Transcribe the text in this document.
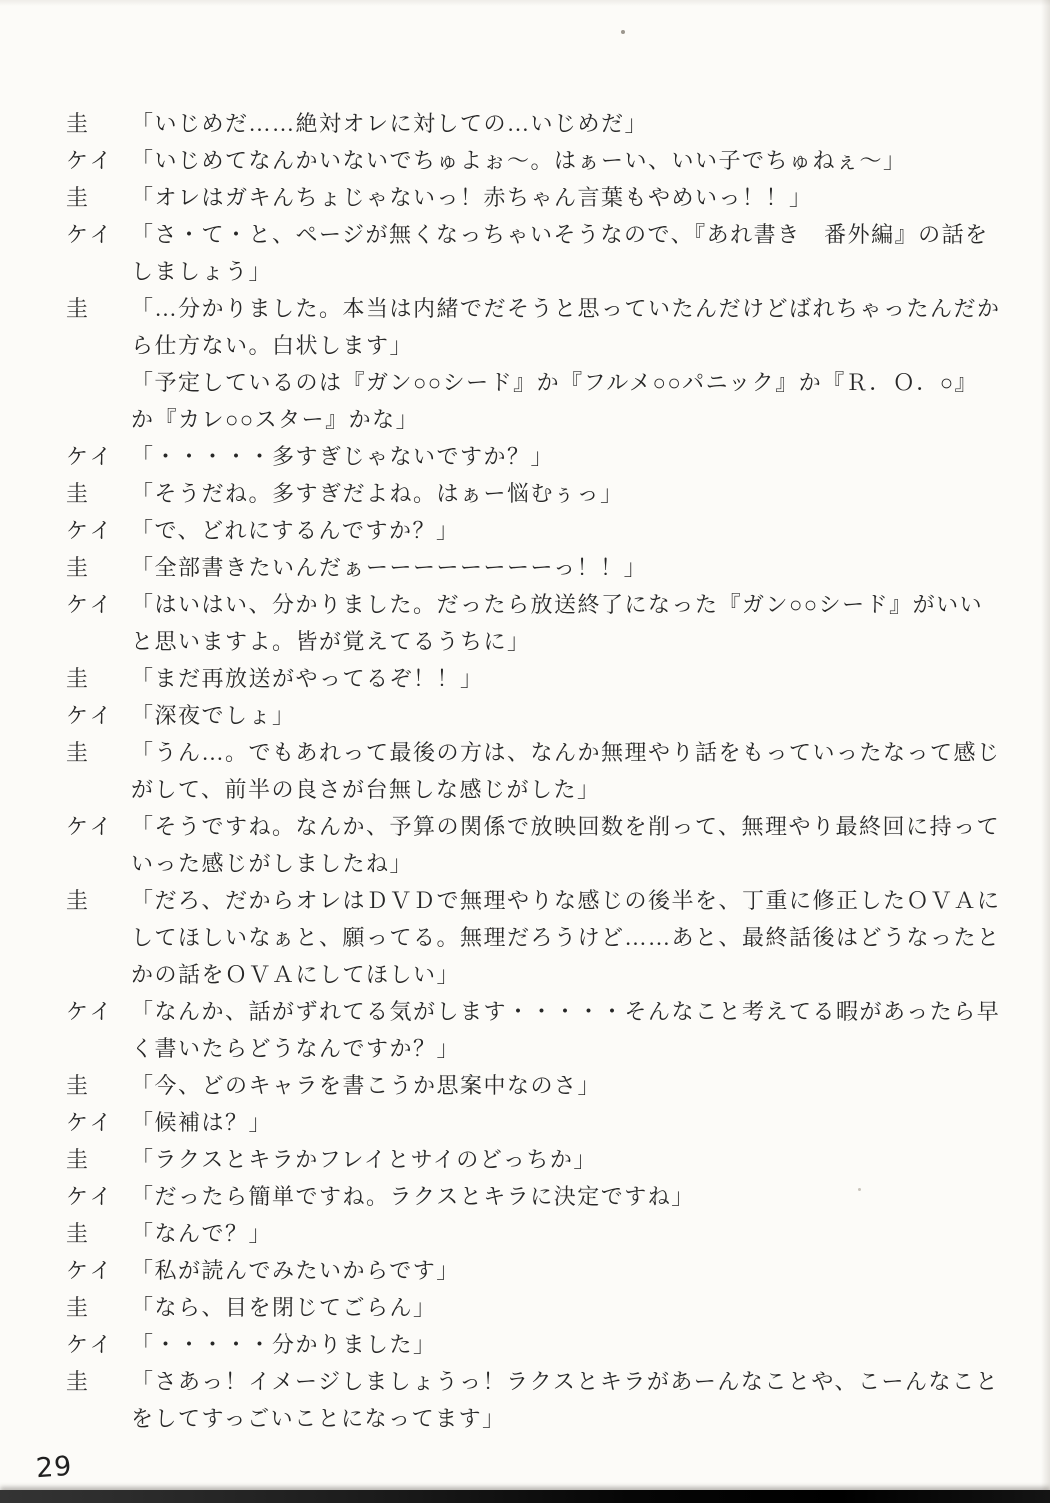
圭 「いじめだ……絶対オレに対しての…いじめだ」
ケイ 「いじめてなんかいないでちゅよぉ～。はぁーい、いい子でちゅねぇ～」
圭 「オレはガキんちょじゃないっ！赤ちゃん言葉もやめいっ！！」
ケイ 「さ・て・と、ページが無くなっちゃいそうなので、『あれ書き　番外編』の話を
しましょう」
圭 「…分かりました。本当は内緒でだそうと思っていたんだけどばれちゃったんだか
ら仕方ない。白状します」
「予定しているのは『ガン○○シード』か『フルメ○○パニック』か『Ｒ．Ｏ．○』
か『カレ○○スター』かな」
ケイ 「・・・・・多すぎじゃないですか？」
圭 「そうだね。多すぎだよね。はぁー悩むぅっ」
ケイ 「で、どれにするんですか？」
圭 「全部書きたいんだぁーーーーーーーーっ！！」
ケイ 「はいはい、分かりました。だったら放送終了になった『ガン○○シード』がいい
と思いますよ。皆が覚えてるうちに」
圭 「まだ再放送がやってるぞ！！」
ケイ 「深夜でしょ」
圭 「うん…。でもあれって最後の方は、なんか無理やり話をもっていったなって感じ
がして、前半の良さが台無しな感じがした」
ケイ 「そうですね。なんか、予算の関係で放映回数を削って、無理やり最終回に持って
いった感じがしましたね」
圭 「だろ、だからオレはＤＶＤで無理やりな感じの後半を、丁重に修正したＯＶＡに
してほしいなぁと、願ってる。無理だろうけど……あと、最終話後はどうなったと
かの話をＯＶＡにしてほしい」
ケイ 「なんか、話がずれてる気がします・・・・・そんなこと考えてる暇があったら早
く書いたらどうなんですか？」
圭 「今、どのキャラを書こうか思案中なのさ」
ケイ 「候補は？」
圭 「ラクスとキラかフレイとサイのどっちか」
ケイ 「だったら簡単ですね。ラクスとキラに決定ですね」
圭 「なんで？」
ケイ 「私が読んでみたいからです」
圭 「なら、目を閉じてごらん」
ケイ 「・・・・・分かりました」
圭 「さあっ！イメージしましょうっ！ラクスとキラがあーんなことや、こーんなこと
をしてすっごいことになってます」
29
